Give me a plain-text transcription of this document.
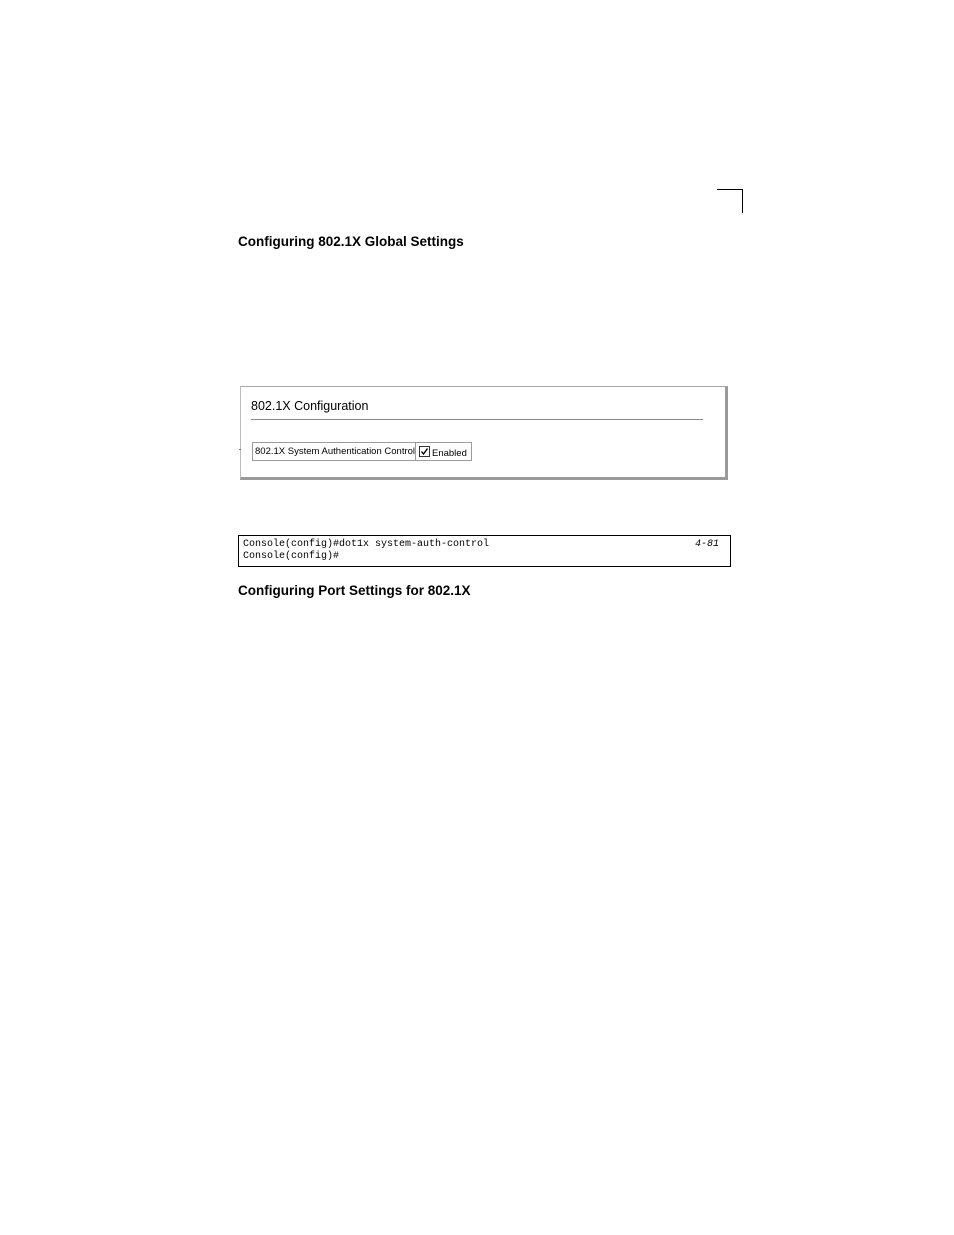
Configuring 802.1X Global Settings
802.1X Configuration
802.1X System Authentication Control Enabled
Console(config)#dot1x system-auth-control
Console(config)#
4-81
Configuring Port Settings for 802.1X
